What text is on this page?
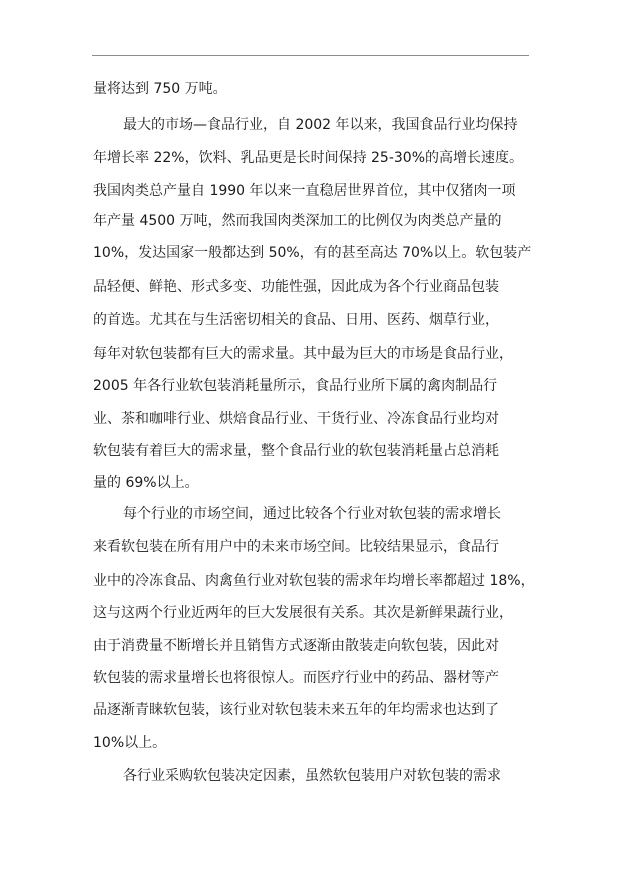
量将达到 750 万吨。
最大的市场—食品行业，自 2002 年以来，我国食品行业均保持
年增长率 22%，饮料、乳品更是长时间保持 25-30%的高增长速度。
我国肉类总产量自 1990 年以来一直稳居世界首位，其中仅猪肉一项
年产量 4500 万吨，然而我国肉类深加工的比例仅为肉类总产量的
10%，发达国家一般都达到 50%，有的甚至高达 70%以上。软包装产
品轻便、鲜艳、形式多变、功能性强，因此成为各个行业商品包装
的首选。尤其在与生活密切相关的食品、日用、医药、烟草行业，
每年对软包装都有巨大的需求量。其中最为巨大的市场是食品行业，
2005 年各行业软包装消耗量所示，食品行业所下属的禽肉制品行
业、茶和咖啡行业、烘焙食品行业、干货行业、冷冻食品行业均对
软包装有着巨大的需求量，整个食品行业的软包装消耗量占总消耗
量的 69%以上。
每个行业的市场空间，通过比较各个行业对软包装的需求增长
来看软包装在所有用户中的未来市场空间。比较结果显示，食品行
业中的冷冻食品、肉禽鱼行业对软包装的需求年均增长率都超过 18%，
这与这两个行业近两年的巨大发展很有关系。其次是新鲜果蔬行业，
由于消费量不断增长并且销售方式逐渐由散装走向软包装，因此对
软包装的需求量增长也将很惊人。而医疗行业中的药品、器材等产
品逐渐青睐软包装，该行业对软包装未来五年的年均需求也达到了
10%以上。
各行业采购软包装决定因素，虽然软包装用户对软包装的需求
